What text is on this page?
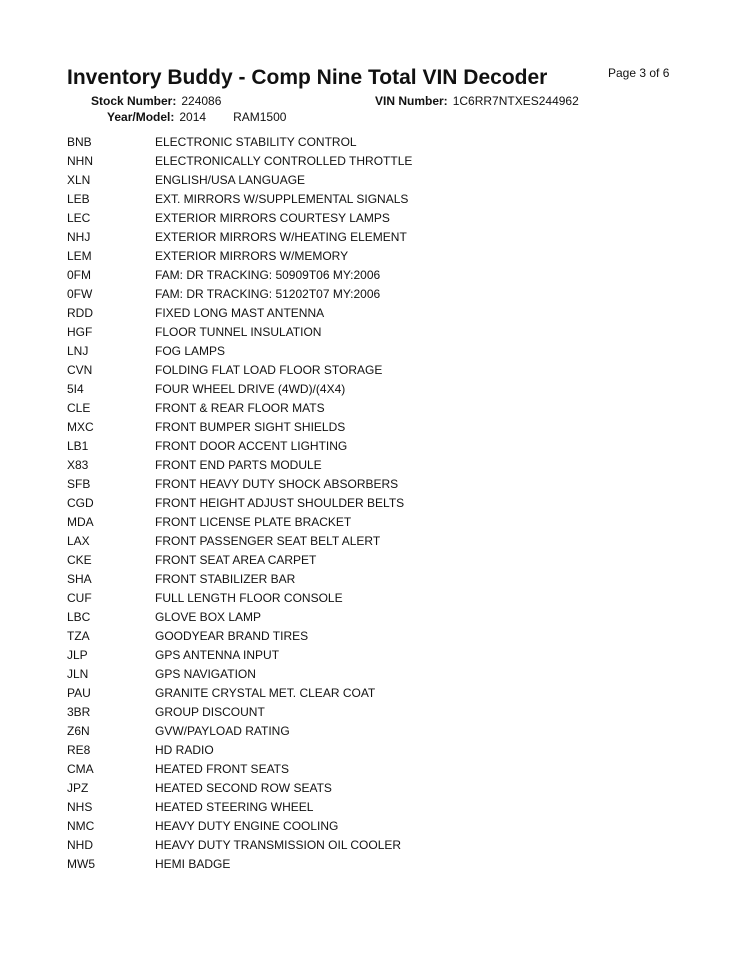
Inventory Buddy - Comp Nine Total VIN Decoder	Page 3 of 6
Stock Number: 224086	VIN Number: 1C6RR7NTXES244962
Year/Model: 2014 RAM1500
BNB	ELECTRONIC STABILITY CONTROL
NHN	ELECTRONICALLY CONTROLLED THROTTLE
XLN	ENGLISH/USA LANGUAGE
LEB	EXT. MIRRORS W/SUPPLEMENTAL SIGNALS
LEC	EXTERIOR MIRRORS COURTESY LAMPS
NHJ	EXTERIOR MIRRORS W/HEATING ELEMENT
LEM	EXTERIOR MIRRORS W/MEMORY
0FM	FAM: DR TRACKING: 50909T06 MY:2006
0FW	FAM: DR TRACKING: 51202T07 MY:2006
RDD	FIXED LONG MAST ANTENNA
HGF	FLOOR TUNNEL INSULATION
LNJ	FOG LAMPS
CVN	FOLDING FLAT LOAD FLOOR STORAGE
5I4	FOUR WHEEL DRIVE (4WD)/(4X4)
CLE	FRONT & REAR FLOOR MATS
MXC	FRONT BUMPER SIGHT SHIELDS
LB1	FRONT DOOR ACCENT LIGHTING
X83	FRONT END PARTS MODULE
SFB	FRONT HEAVY DUTY SHOCK ABSORBERS
CGD	FRONT HEIGHT ADJUST SHOULDER BELTS
MDA	FRONT LICENSE PLATE BRACKET
LAX	FRONT PASSENGER SEAT BELT ALERT
CKE	FRONT SEAT AREA CARPET
SHA	FRONT STABILIZER BAR
CUF	FULL LENGTH FLOOR CONSOLE
LBC	GLOVE BOX LAMP
TZA	GOODYEAR BRAND TIRES
JLP	GPS ANTENNA INPUT
JLN	GPS NAVIGATION
PAU	GRANITE CRYSTAL MET. CLEAR COAT
3BR	GROUP DISCOUNT
Z6N	GVW/PAYLOAD RATING
RE8	HD RADIO
CMA	HEATED FRONT SEATS
JPZ	HEATED SECOND ROW SEATS
NHS	HEATED STEERING WHEEL
NMC	HEAVY DUTY ENGINE COOLING
NHD	HEAVY DUTY TRANSMISSION OIL COOLER
MW5	HEMI BADGE
